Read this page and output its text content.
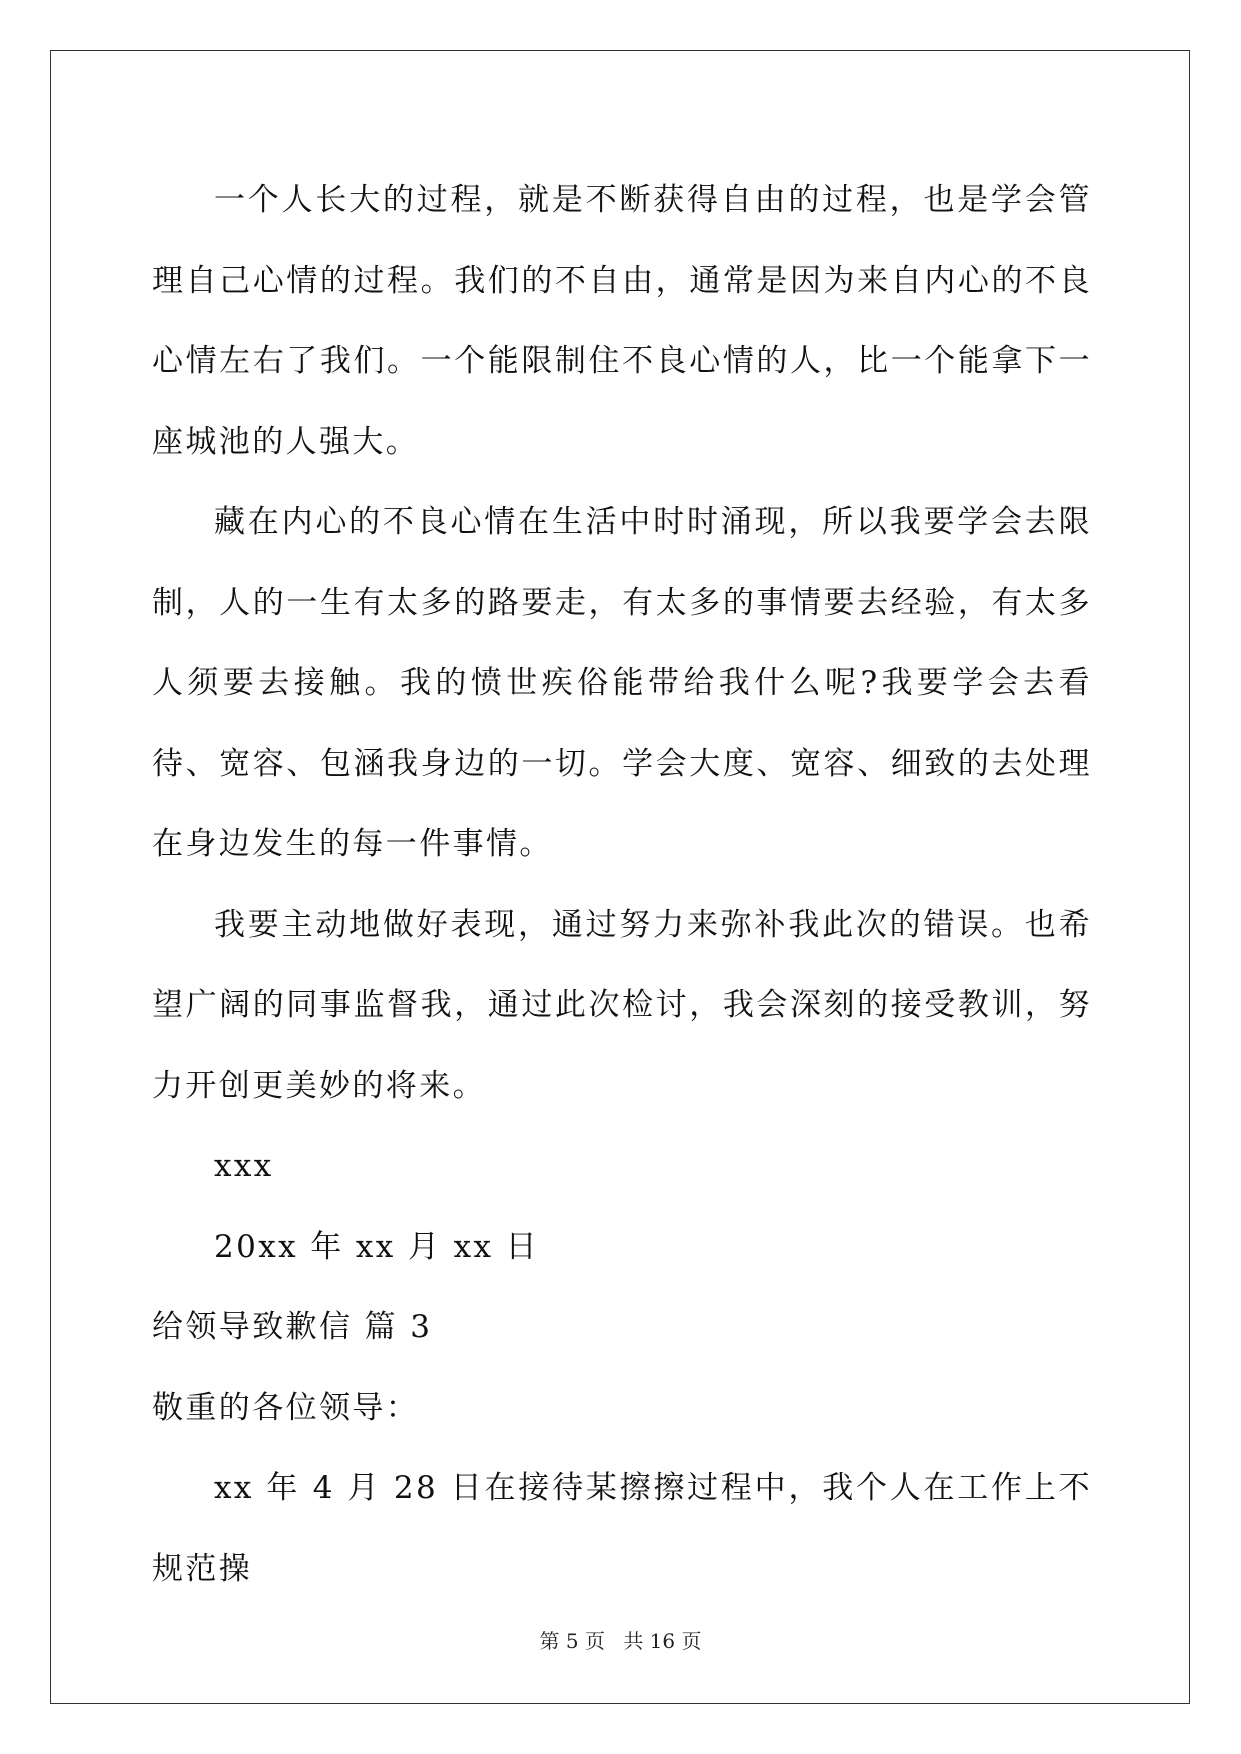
一个人长大的过程，就是不断获得自由的过程，也是学会管理自己心情的过程。我们的不自由，通常是因为来自内心的不良心情左右了我们。一个能限制住不良心情的人，比一个能拿下一座城池的人强大。

藏在内心的不良心情在生活中时时涌现，所以我要学会去限制，人的一生有太多的路要走，有太多的事情要去经验，有太多人须要去接触。我的愤世疾俗能带给我什么呢?我要学会去看待、宽容、包涵我身边的一切。学会大度、宽容、细致的去处理在身边发生的每一件事情。

我要主动地做好表现，通过努力来弥补我此次的错误。也希望广阔的同事监督我，通过此次检讨，我会深刻的接受教训，努力开创更美妙的将来。

xxx

20xx 年 xx 月 xx 日

给领导致歉信 篇 3

敬重的各位领导：

xx 年 4 月 28 日在接待某擦擦过程中，我个人在工作上不规范操

第 5 页 共 16 页
